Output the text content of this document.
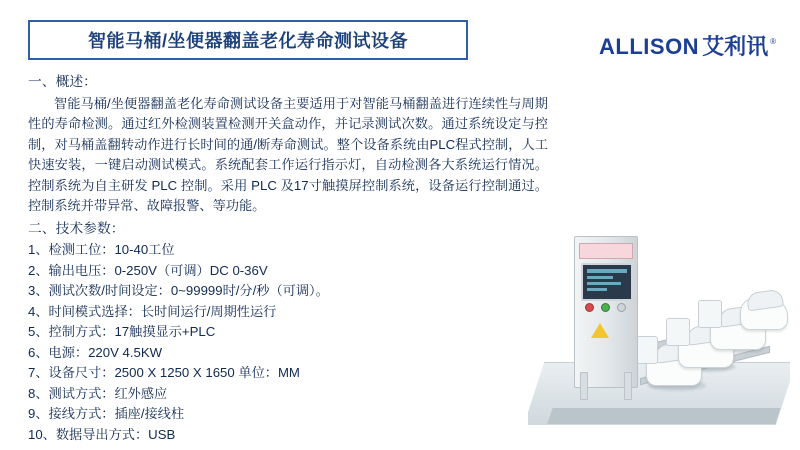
智能马桶/坐便器翻盖老化寿命测试设备	ALLISON 艾利讯 ®
一、概述：

智能马桶/坐便器翻盖老化寿命测试设备主要适用于对智能马桶翻盖进行连续性与周期性的寿命检测。通过红外检测装置检测开关盒动作，并记录测试次数。通过系统设定与控制，对马桶盖翻转动作进行长时间的通/断寿命测试。整个设备系统由PLC程式控制，人工快速安装，一键启动测试模式。系统配套工作运行指示灯，自动检测各大系统运行情况。控制系统为自主研发 PLC 控制。采用 PLC 及17寸触摸屏控制系统，设备运行控制通过。控制系统并带异常、故障报警、等功能。

二、技术参数：
1、检测工位：10-40工位
2、输出电压：0-250V（可调）DC 0-36V
3、测试次数/时间设定：0~99999时/分/秒（可调）。
4、时间模式选择：长时间运行/周期性运行
5、控制方式：17触摸显示+PLC
6、电源：220V 4.5KW
7、设备尺寸：2500 X 1250 X 1650 单位：MM
8、测试方式：红外感应
9、接线方式：插座/接线柱
10、数据导出方式：USB
